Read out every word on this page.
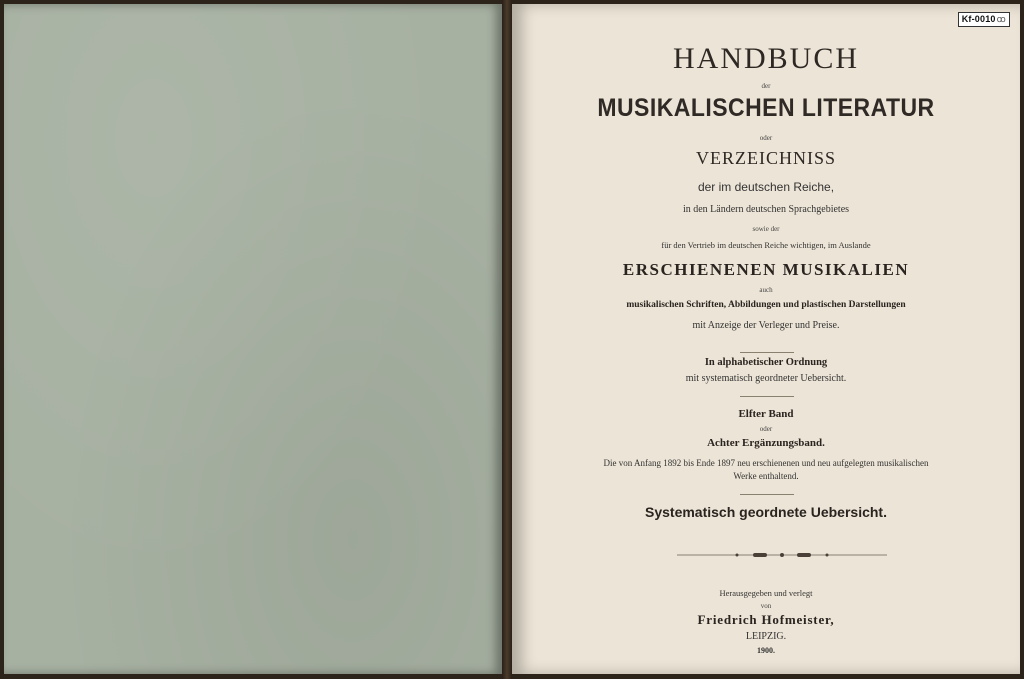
Kf-0010ꝏ
HANDBUCH
der
MUSIKALISCHEN LITERATUR
oder
VERZEICHNISS
der im deutschen Reiche,
in den Ländern deutschen Sprachgebietes
sowie der
für den Vertrieb im deutschen Reiche wichtigen, im Auslande
ERSCHIENENEN MUSIKALIEN
auch
musikalischen Schriften, Abbildungen und plastischen Darstellungen
mit Anzeige der Verleger und Preise.
In alphabetischer Ordnung
mit systematisch geordneter Uebersicht.
Elfter Band
oder
Achter Ergänzungsband.
Die von Anfang 1892 bis Ende 1897 neu erschienenen und neu aufgelegten musikalischen
Werke enthaltend.
Systematisch geordnete Uebersicht.
Herausgegeben und verlegt
von
Friedrich Hofmeister,
LEIPZIG.
1900.
